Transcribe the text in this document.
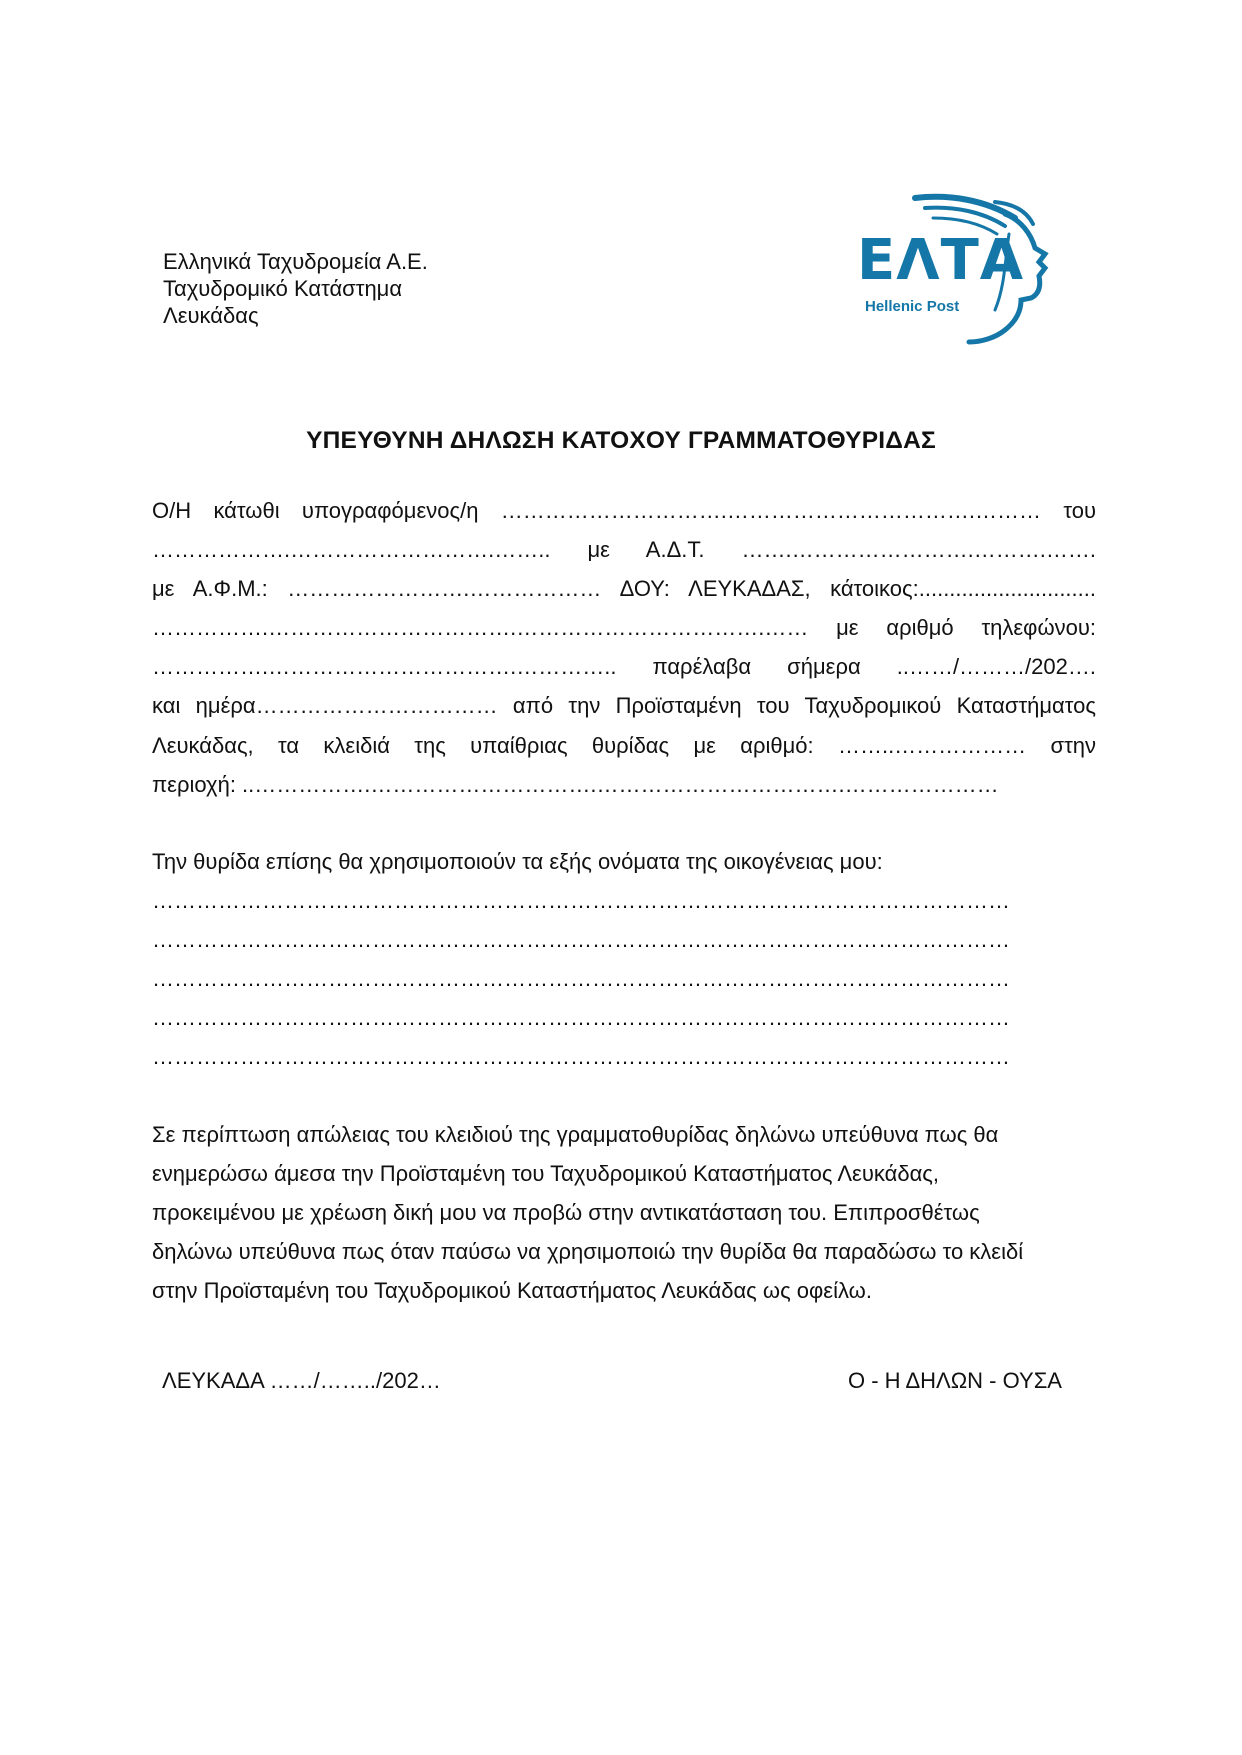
Ελληνικά Ταχυδρομεία Α.Ε.
Ταχυδρομικό Κατάστημα
Λευκάδας
ΕΛΤΑ
Hellenic Post
ΥΠΕΥΘΥΝΗ ΔΗΛΩΣΗ ΚΑΤΟΧΟΥ ΓΡΑΜΜΑΤΟΘΥΡΙΔΑΣ
Ο/Η κάτωθι υπογραφόμενος/η ………………………….…………………………….……… του
……………….……………………….…….. με Α.Δ.Τ. …….…………………….……….…….
με Α.Φ.Μ.: …………………….……………… ΔΟΥ: ΛΕΥΚΑΔΑΣ, κάτοικος:.............................
…………….…………………………….…………………………….…… με αριθμό τηλεφώνου:
…………….…………………………….………….. παρέλαβα σήμερα ..……/………/202….
και ημέρα…………………………… από την Προϊσταμένη του Ταχυδρομικού Καταστήματος
Λευκάδας, τα κλειδιά της υπαίθριας θυρίδας με αριθμό: ……..……………… στην
περιοχή: ..…………….………………………….…………………………….…………………
Την θυρίδα επίσης θα χρησιμοποιούν τα εξής ονόματα της οικογένειας μου:
………………………………………………………………………………………………………
………………………………………………………………………………………………………
………………………………………………………………………………………………………
………………………………………………………………………………………………………
………………………………………………………………………………………………………
Σε περίπτωση απώλειας του κλειδιού της γραμματοθυρίδας δηλώνω υπεύθυνα πως θα
ενημερώσω άμεσα την Προϊσταμένη του Ταχυδρομικού Καταστήματος Λευκάδας,
προκειμένου με χρέωση δική μου να προβώ στην αντικατάσταση του. Επιπροσθέτως
δηλώνω υπεύθυνα πως όταν παύσω να χρησιμοποιώ την θυρίδα θα παραδώσω το κλειδί
στην Προϊσταμένη του Ταχυδρομικού Καταστήματος Λευκάδας ως οφείλω.
ΛΕΥΚΑΔΑ ……/……../202…	Ο - Η ΔΗΛΩΝ - ΟΥΣΑ
